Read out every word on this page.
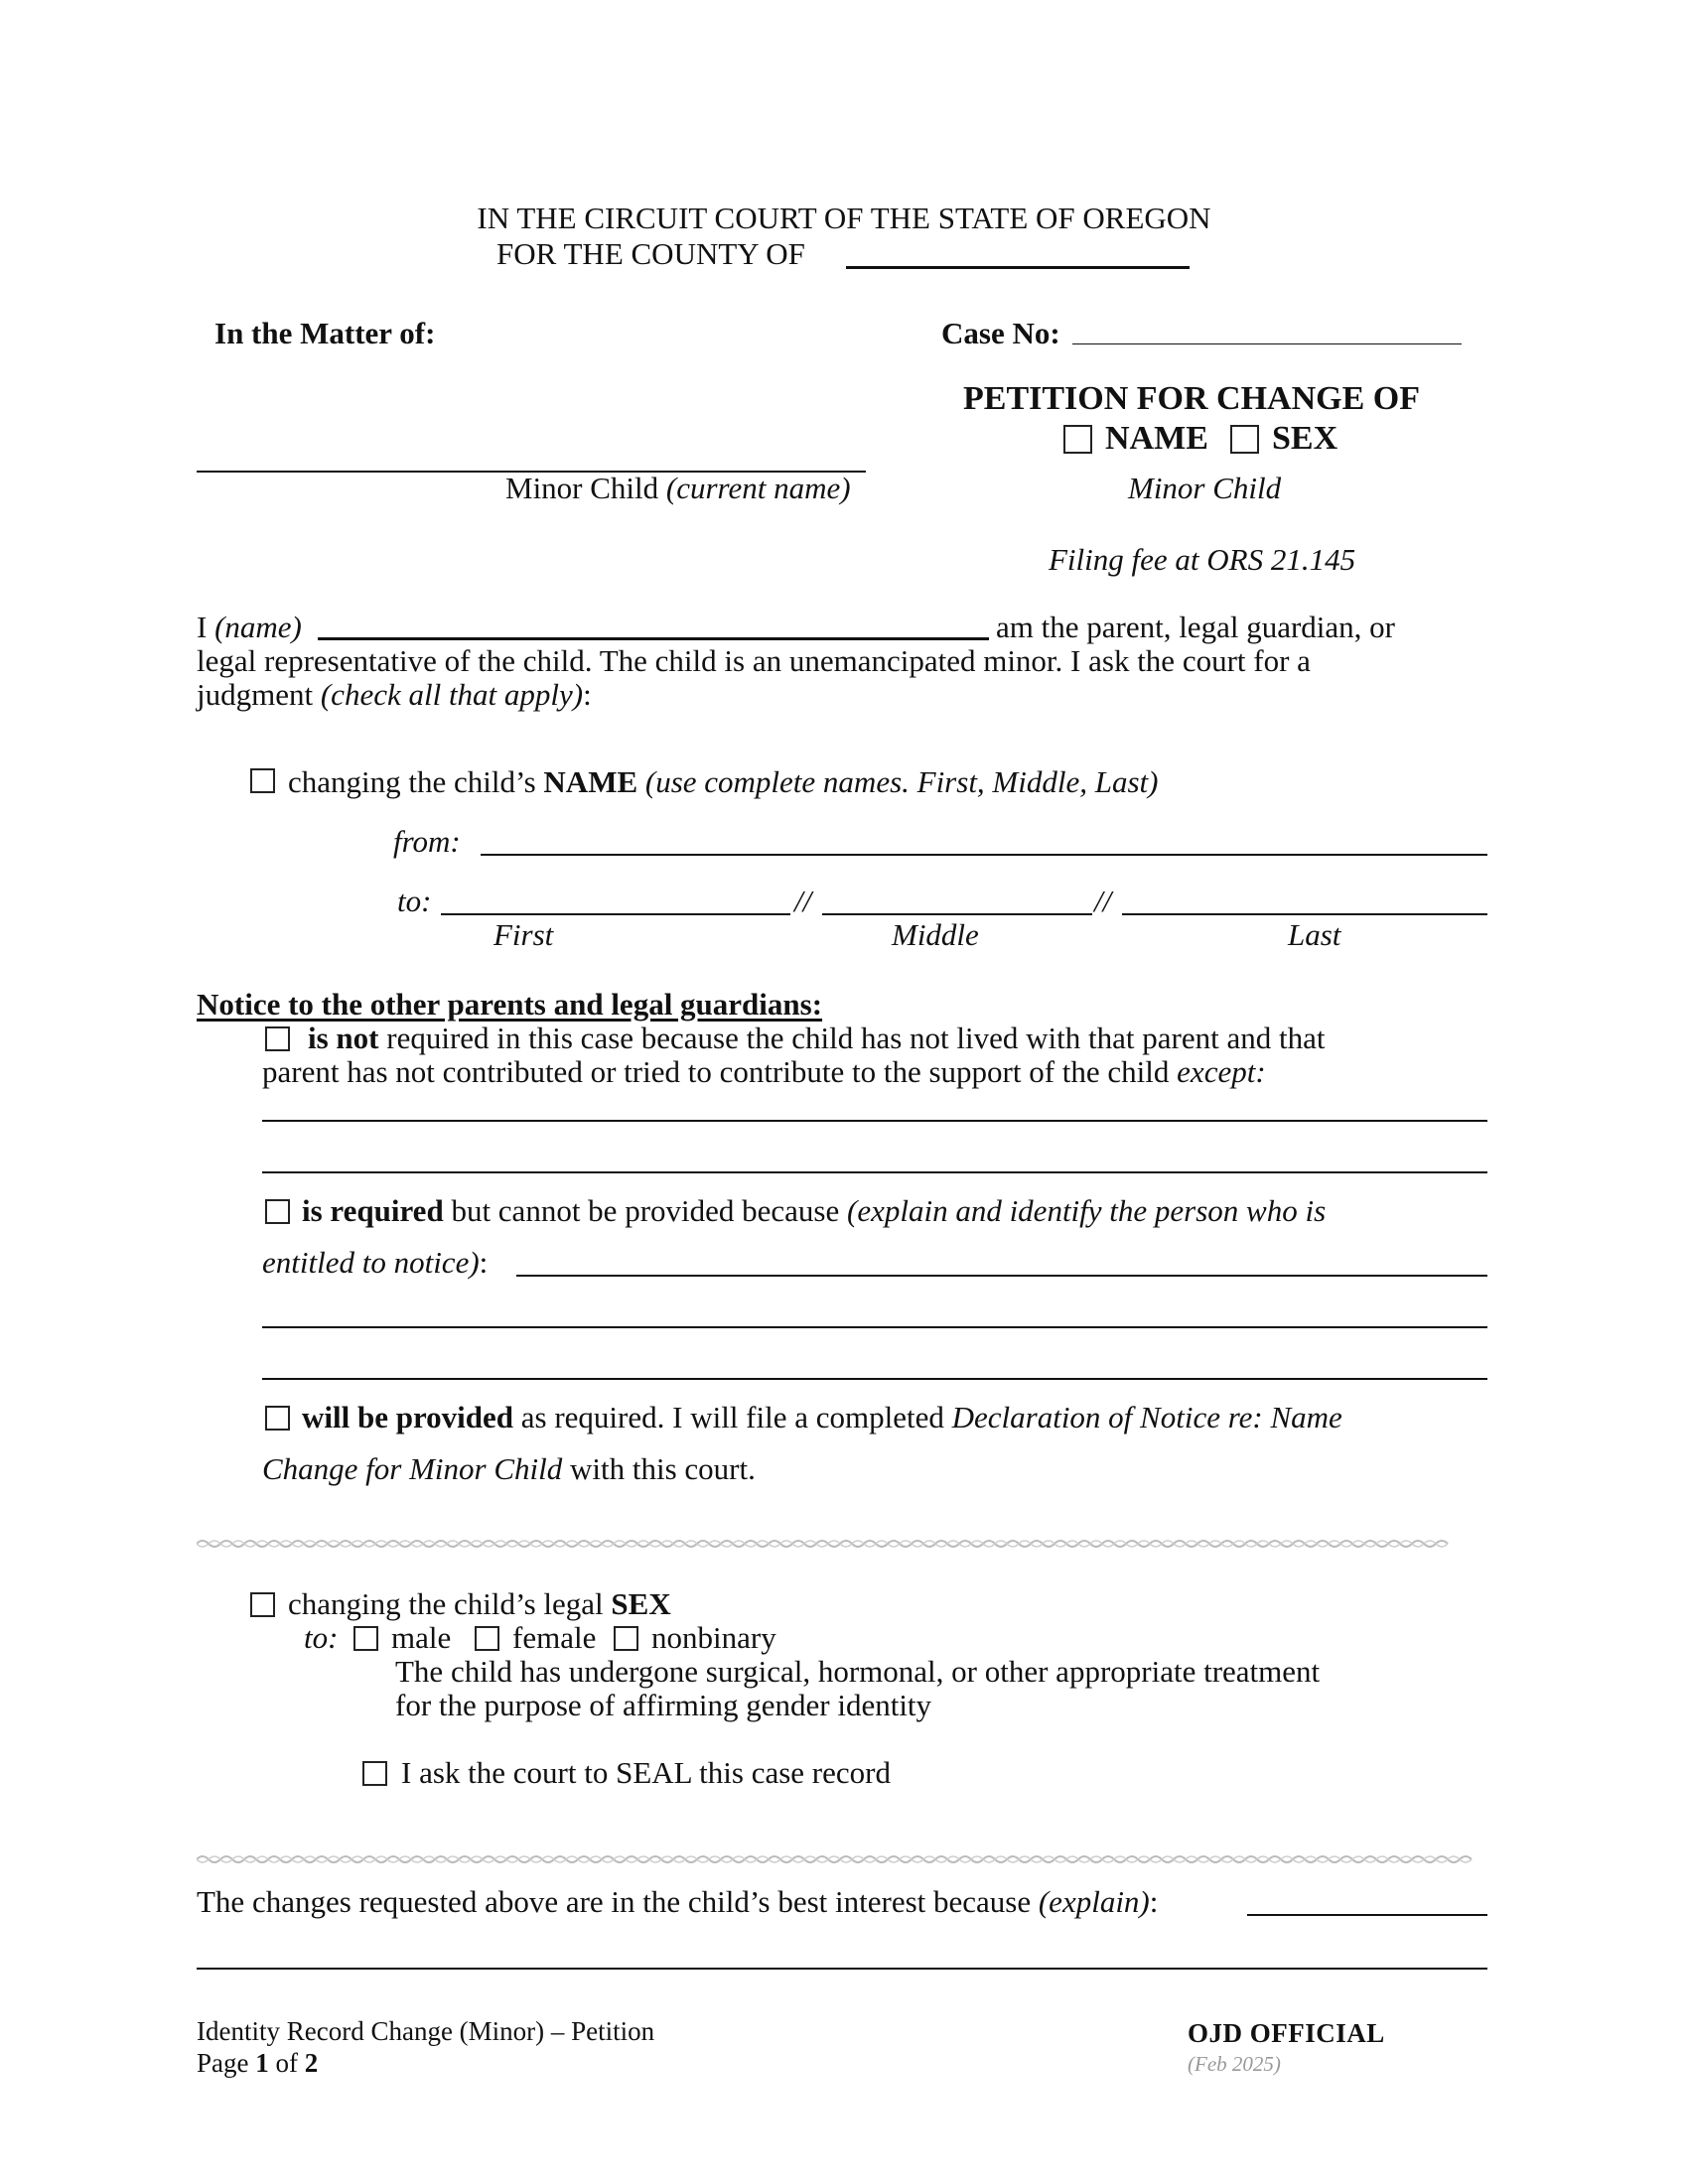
IN THE CIRCUIT COURT OF THE STATE OF OREGON
FOR THE COUNTY OF
In the Matter of:	Case No:
PETITION FOR CHANGE OF
NAME SEX
Minor Child (current name)	Minor Child
Filing fee at ORS 21.145
I (name)	am the parent, legal guardian, or
legal representative of the child. The child is an unemancipated minor. I ask the court for a
judgment (check all that apply):
changing the child’s NAME (use complete names. First, Middle, Last)
from:
to:	//	//
First	Middle	Last
Notice to the other parents and legal guardians:
is not required in this case because the child has not lived with that parent and that
parent has not contributed or tried to contribute to the support of the child except:
is required but cannot be provided because (explain and identify the person who is
entitled to notice):
will be provided as required. I will file a completed Declaration of Notice re: Name
Change for Minor Child with this court.
changing the child’s legal SEX
to: male female nonbinary
The child has undergone surgical, hormonal, or other appropriate treatment
for the purpose of affirming gender identity
I ask the court to SEAL this case record
The changes requested above are in the child’s best interest because (explain):
Identity Record Change (Minor) – Petition
Page 1 of 2
OJD OFFICIAL
(Feb 2025)
